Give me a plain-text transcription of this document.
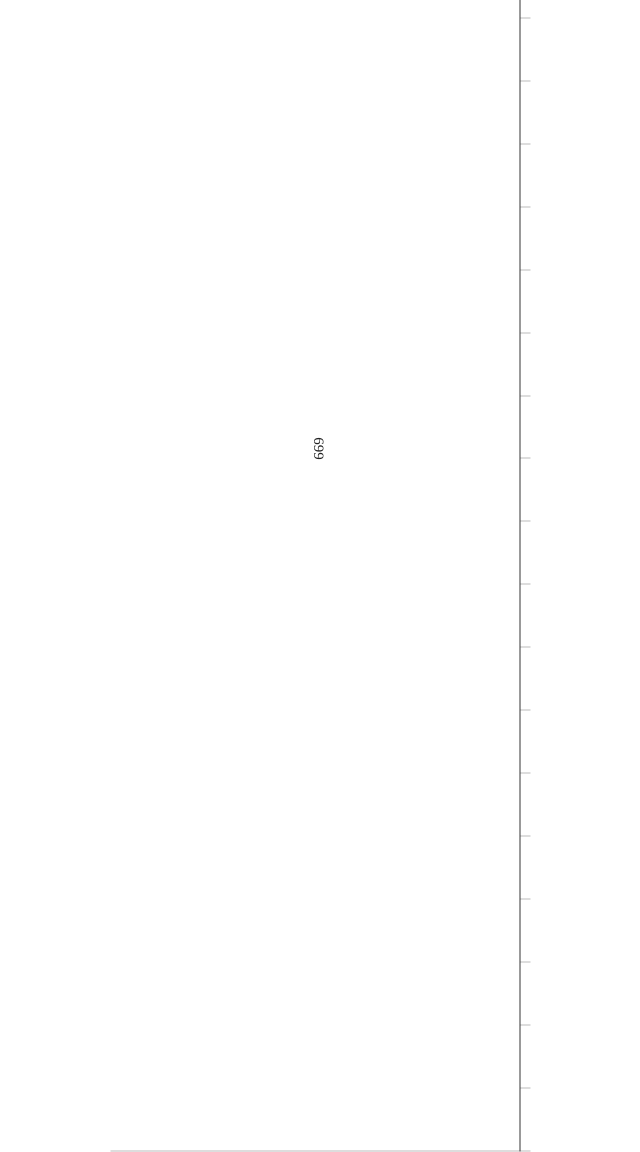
699
